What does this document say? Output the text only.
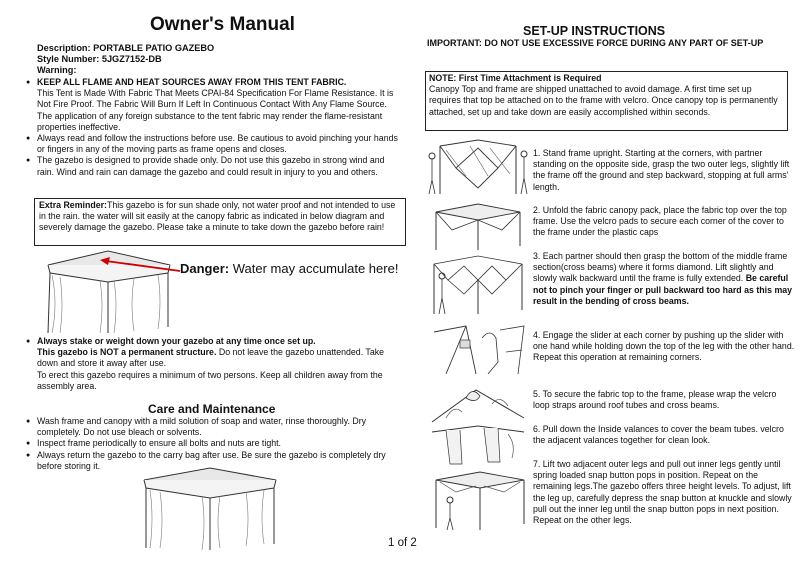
Owner's Manual
Description: PORTABLE PATIO GAZEBO
Style Number: 5JGZ7152-DB
Warning:
● KEEP ALL FLAME AND HEAT SOURCES AWAY FROM THIS TENT FABRIC.
This Tent is Made With Fabric That Meets CPAI-84 Specification For Flame Resistance. It is Not Fire Proof. The Fabric Will Burn If Left In Continuous Contact With Any Flame Source. The application of any foreign substance to the tent fabric may render the flame-resistant properties ineffective.
● Always read and follow the instructions before use. Be cautious to avoid pinching your hands or fingers in any of the moving parts as frame opens and closes.
● The gazebo is designed to provide shade only. Do not use this gazebo in strong wind and rain. Wind and rain can damage the gazebo and could result in injury to you and others.
Extra Reminder:This gazebo is for sun shade only, not water proof and not intended to use in the rain. the water will sit easily at the canopy fabric as indicated in below diagram and severely damage the gazebo. Please take a minute to take down the gazebo before rain!
Danger: Water may accumulate here!
● Always stake or weight down your gazebo at any time once set up.
This gazebo is NOT a permanent structure. Do not leave the gazebo unattended. Take down and store it away after use.
To erect this gazebo requires a minimum of two persons. Keep all children away from the assembly area.
Care and Maintenance
● Wash frame and canopy with a mild solution of soap and water, rinse thoroughly. Dry completely. Do not use bleach or solvents.
● Inspect frame periodically to ensure all bolts and nuts are tight.
● Always return the gazebo to the carry bag after use. Be sure the gazebo is completely dry before storing it.
1 of 2
SET-UP INSTRUCTIONS
IMPORTANT: DO NOT USE EXCESSIVE FORCE DURING ANY PART OF SET-UP
NOTE: First Time Attachment is Required
Canopy Top and frame are shipped unattached to avoid damage. A first time set up requires that top be attached on to the frame with velcro. Once canopy top is permanently attached, set up and take down are easily accomplished within seconds.
1. Stand frame upright. Starting at the corners, with partner standing on the opposite side, grasp the two outer legs, slightly lift the frame off the ground and step backward, stopping at full arms' length.
2. Unfold the fabric canopy pack, place the fabric top over the top frame. Use the velcro pads to secure each corner of the cover to the frame under the plastic caps
3. Each partner should then grasp the bottom of the middle frame section(cross beams) where it forms diamond. Lift slightly and slowly walk backward until the frame is fully extended. Be careful not to pinch your finger or pull backward too hard as this may result in the bending of cross beams.
4. Engage the slider at each corner by pushing up the slider with one hand while holding down the top of the leg with the other hand. Repeat this operation at remaining corners.
5. To secure the fabric top to the frame, please wrap the velcro loop straps around roof tubes and cross beams.
6. Pull down the Inside valances to cover the beam tubes. velcro the adjacent valances together for clean look.
7. Lift two adjacent outer legs and pull out inner legs gently until spring loaded snap button pops in position. Repeat on the remaining legs.The gazebo offers three height levels. To adjust, lift the leg up, carefully depress the snap button at knuckle and slowly pull out the inner leg until the snap button pops in next position. Repeat on the other legs.
